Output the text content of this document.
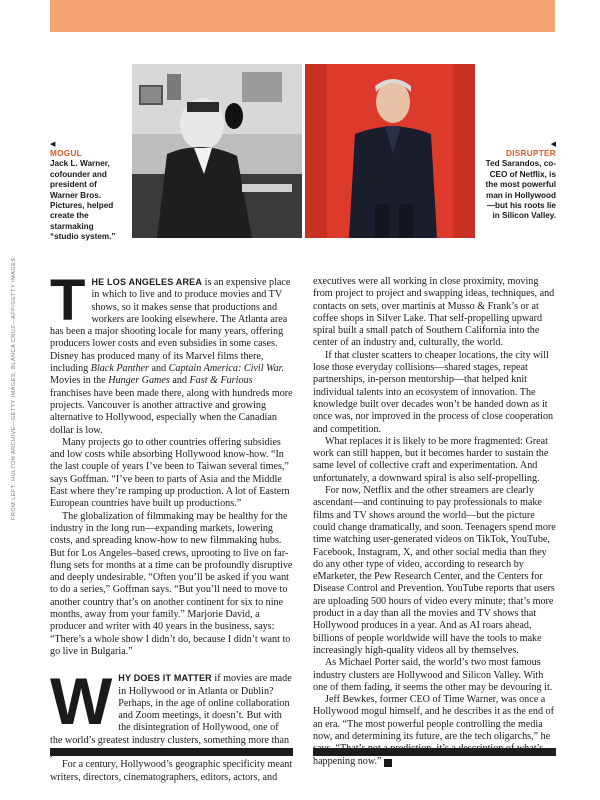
◀
MOGUL
Jack L. Warner, cofounder and president of Warner Bros. Pictures, helped create the starmaking “studio system.”
◀
DISRUPTER
Ted Sarandos, co-CEO of Netflix, is the most powerful man in Hollywood—but his roots lie in Silicon Valley.
FROM LEFT: HULTON ARCHIVE—GETTY IMAGES; BLANCA CRUZ—AFP/GETTY IMAGES THE LOS ANGELES AREA is an expensive place in which to live and to produce movies and TV shows, so it makes sense that productions and workers are looking elsewhere. The Atlanta area has been a major shooting locale for many years, offering producers lower costs and even subsidies in some cases. Disney has produced many of its Marvel films there, including Black Panther and Captain America: Civil War. Movies in the Hunger Games and Fast & Furious franchises have been made there, along with hundreds more projects. Vancouver is another attractive and growing alternative to Hollywood, especially when the Canadian dollar is low.

Many projects go to other countries offering subsidies and low costs while absorbing Hollywood know-how. “In the last couple of years I’ve been to Taiwan several times,” says Goffman. “I’ve been to parts of Asia and the Middle East where they’re ramping up production. A lot of Eastern European countries have built up productions.”

The globalization of filmmaking may be healthy for the industry in the long run—expanding markets, lowering costs, and spreading know-how to new filmmaking hubs. But for Los Angeles–based crews, uprooting to live on far-flung sets for months at a time can be profoundly disruptive and deeply undesirable. “Often you’ll be asked if you want to do a series,” Goffman says. “But you’ll need to move to another country that’s on another continent for six to nine months, away from your family.” Marjorie David, a producer and writer with 40 years in the business, says: “There’s a whole show I didn’t do, because I didn’t want to go live in Bulgaria.”

WHY DOES IT MATTER if movies are made in Hollywood or in Atlanta or Dublin? Perhaps, in the age of online collaboration and Zoom meetings, it doesn’t. But with the disintegration of Hollywood, one of the world’s greatest industry clusters, something more than

For a century, Hollywood’s geographic specificity meant writers, directors, cinematographers, editors, actors, and

executives were all working in close proximity, moving from project to project and swapping ideas, techniques, and contacts on sets, over martinis at Musso & Frank’s or at coffee shops in Silver Lake. That self-propelling upward spiral built a small patch of Southern California into the center of an industry and, culturally, the world.

If that cluster scatters to cheaper locations, the city will lose those everyday collisions—shared stages, repeat partnerships, in-person mentorship—that helped knit individual talents into an ecosystem of innovation. The knowledge built over decades won’t be handed down as it once was, nor improved in the process of close cooperation and competition.

What replaces it is likely to be more fragmented: Great work can still happen, but it becomes harder to sustain the same level of collective craft and experimentation. And unfortunately, a downward spiral is also self-propelling.

For now, Netflix and the other streamers are clearly ascendant—and continuing to pay professionals to make films and TV shows around the world—but the picture could change dramatically, and soon. Teenagers spend more time watching user-generated videos on TikTok, YouTube, Facebook, Instagram, X, and other social media than they do any other type of video, according to research by eMarketer, the Pew Research Center, and the Centers for Disease Control and Prevention. YouTube reports that users are uploading 500 hours of video every minute; that’s more product in a day than all the movies and TV shows that Hollywood produces in a year. And as AI roars ahead, billions of people worldwide will have the tools to make increasingly high-quality videos all by themselves.

As Michael Porter said, the world’s two most famous industry clusters are Hollywood and Silicon Valley. With one of them fading, it seems the other may be devouring it.

Jeff Bewkes, former CEO of Time Warner, was once a Hollywood mogul himself, and he describes it as the end of an era. “The most powerful people controlling the media now, and determining its future, are the tech oligarchs,” he happening now.” F
